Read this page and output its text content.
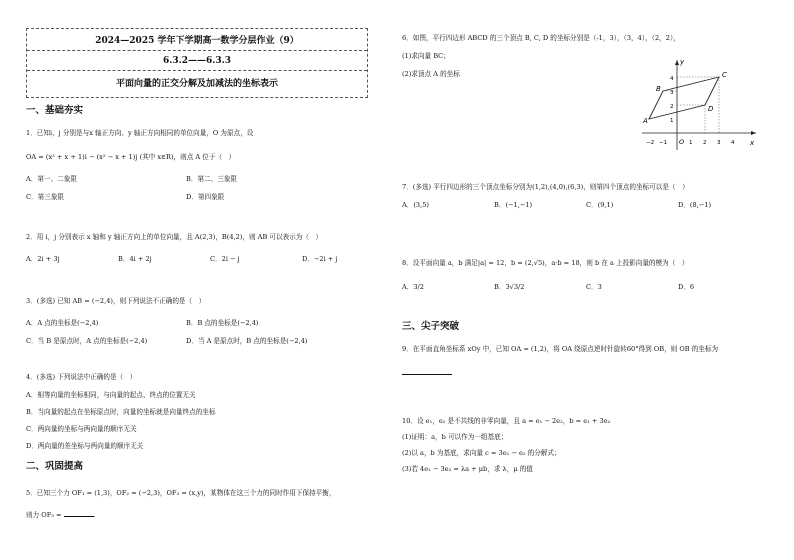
2024—2025 学年下学期高一数学分层作业（9）
6.3.2——6.3.3
平面向量的正交分解及加减法的坐标表示
一、基础夯实
1．已知i，j 分别是与x 轴正方向、y 轴正方向相同的单位向量，O 为原点，设
OA = (x² + x + 1)i − (x² − x + 1)j (其中 x∈R)，则点 A 位于（　）
A．第一、二象限	B．第二、三象限
C．第三象限	D．第四象限
2．用 i，j 分别表示 x 轴和 y 轴正方向上的单位向量，且 A(2,3)，B(4,2)，则 AB 可以表示为（　）
A．2i + 3j	B．4i + 2j	C．2i − j	D．−2i + j
3．(多选) 已知 AB = (−2,4)，则下列说法不正确的是（　）
A．A 点的坐标是(−2,4)	B．B 点的坐标是(−2,4)
C．当 B 是原点时，A 点的坐标是(−2,4)	D．当 A 是原点时，B 点的坐标是(−2,4)
4．(多选) 下列说法中正确的是（　）
A．相等向量的坐标相同，与向量的起点、终点的位置无关
B．当向量的起点在坐标原点时，向量的坐标就是向量终点的坐标
C．两向量的坐标与两向量的顺序无关
D．两向量的差坐标与两向量的顺序无关
二、巩固提高
5．已知三个力 OF₁ = (1,3)，OF₂ = (−2,3)，OF₃ = (x,y)，某物体在这三个力的同时作用下保持平衡，
则力 OF₃ =	.
6．如图，平行四边形 ABCD 的三个顶点 B, C, D 的坐标分别是（-1，3），（3，4），（2，2），
(1)求向量 BC；
(2)求顶点 A 的坐标
x
y
O
−2 −1	1 2 3 4
1
2
3
4
A
B
C
D
7．(多选) 平行四边形的三个顶点坐标分别为(1,2),(4,0),(6,3)，则第四个顶点的坐标可以是（　）
A．(3,5)	B．(−1,−1)	C．(9,1)	D．(8,−1)
8．设平面向量 a，b 满足|a| = 12，b = (2,√5)，a·b = 18，则 b 在 a 上投影向量的模为（　）
A．3/2	B．3√3/2	C．3	D．6
三、尖子突破
9．在平面直角坐标系 xOy 中，已知 OA = (1,2)，将 OA 绕原点逆时针旋转60°得到 OB，则 OB 的坐标为
10．设 e₁，e₂ 是不共线的非零向量，且 a = e₁ − 2e₂，b = e₁ + 3e₂
(1)证明：a，b 可以作为一组基底；
(2)以 a，b 为基底，求向量 c = 3e₁ − e₂ 的分解式；
(3)若 4e₁ − 3e₂ = λa + μb，求 λ，μ 的值
